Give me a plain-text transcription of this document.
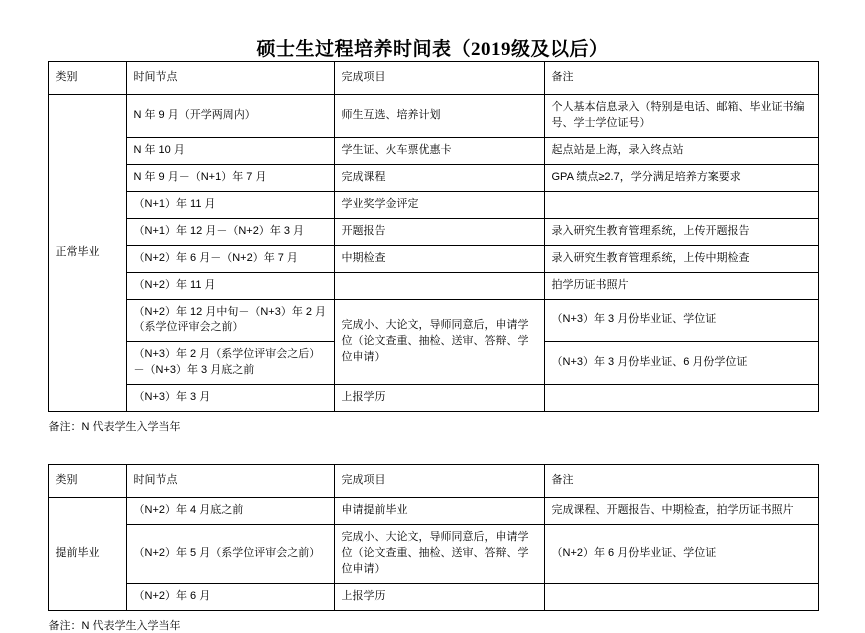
硕士生过程培养时间表（2019级及以后）
类别	时间节点	完成项目	备注
正常毕业	N 年 9 月（开学两周内）	师生互选、培养计划	个人基本信息录入（特别是电话、邮箱、毕业证书编号、学士学位证号）
	N 年 10 月	学生证、火车票优惠卡	起点站是上海，录入终点站
	N 年 9 月－（N+1）年 7 月	完成课程	GPA 绩点≥2.7，学分满足培养方案要求
	（N+1）年 11 月	学业奖学金评定	
	（N+1）年 12 月－（N+2）年 3 月	开题报告	录入研究生教育管理系统，上传开题报告
	（N+2）年 6 月－（N+2）年 7 月	中期检查	录入研究生教育管理系统，上传中期检查
	（N+2）年 11 月		拍学历证书照片
	（N+2）年 12 月中旬－（N+3）年 2 月（系学位评审会之前）	完成小、大论文，导师同意后，申请学位（论文查重、抽检、送审、答辩、学位申请）	（N+3）年 3 月份毕业证、学位证
	（N+3）年 2 月（系学位评审会之后）－（N+3）年 3 月底之前		（N+3）年 3 月份毕业证、6 月份学位证
	（N+3）年 3 月	上报学历	
备注：N 代表学生入学当年
类别	时间节点	完成项目	备注
提前毕业	（N+2）年 4 月底之前	申请提前毕业	完成课程、开题报告、中期检查，拍学历证书照片
	（N+2）年 5 月（系学位评审会之前）	完成小、大论文，导师同意后，申请学位（论文查重、抽检、送审、答辩、学位申请）	（N+2）年 6 月份毕业证、学位证
	（N+2）年 6 月	上报学历	
备注：N 代表学生入学当年
